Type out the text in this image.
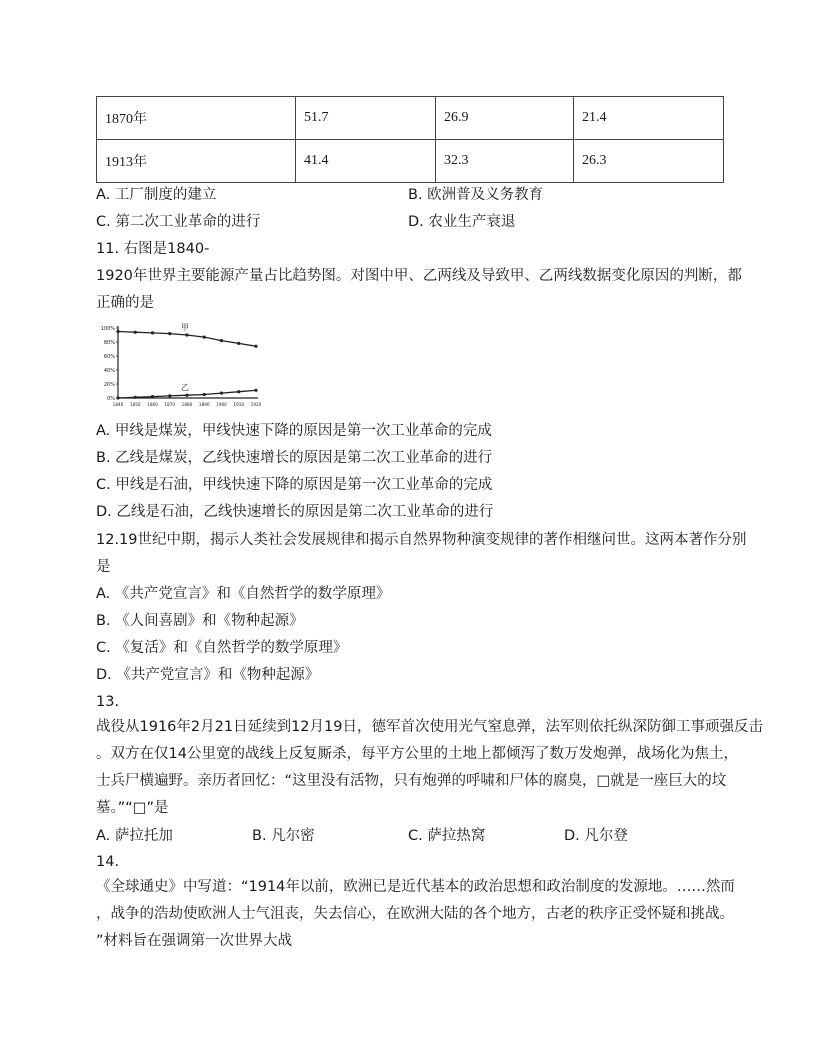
1870年	51.7	26.9	21.4
1913年	41.4	32.3	26.3
A. 工厂制度的建立	B. 欧洲普及义务教育
C. 第二次工业革命的进行	D. 农业生产衰退
11. 右图是1840-
1920年世界主要能源产量占比趋势图。对图中甲、乙两线及导致甲、乙两线数据变化原因的判断，都
正确的是
100%
80%
60%
40%
20%
0%
1840 1850 1860 1870 1880 1890 1900 1910 1920
甲
乙
A. 甲线是煤炭，甲线快速下降的原因是第一次工业革命的完成
B. 乙线是煤炭，乙线快速增长的原因是第二次工业革命的进行
C. 甲线是石油，甲线快速下降的原因是第一次工业革命的完成
D. 乙线是石油，乙线快速增长的原因是第二次工业革命的进行
12.19世纪中期，揭示人类社会发展规律和揭示自然界物种演变规律的著作相继问世。这两本著作分别
是
A. 《共产党宣言》和《自然哲学的数学原理》
B. 《人间喜剧》和《物种起源》
C. 《复活》和《自然哲学的数学原理》
D. 《共产党宣言》和《物种起源》
13.
战役从1916年2月21日延续到12月19日，德军首次使用光气窒息弹，法军则依托纵深防御工事顽强反击
。双方在仅14公里宽的战线上反复厮杀，每平方公里的土地上都倾泻了数万发炮弹，战场化为焦土，
士兵尸横遍野。亲历者回忆：“这里没有活物，只有炮弹的呼啸和尸体的腐臭，□就是一座巨大的坟
墓。”“□”是
A. 萨拉托加	B. 凡尔密	C. 萨拉热窝	D. 凡尔登
14.
《全球通史》中写道：“1914年以前，欧洲已是近代基本的政治思想和政治制度的发源地。……然而
，战争的浩劫使欧洲人士气沮丧，失去信心，在欧洲大陆的各个地方，古老的秩序正受怀疑和挑战。
”材料旨在强调第一次世界大战
